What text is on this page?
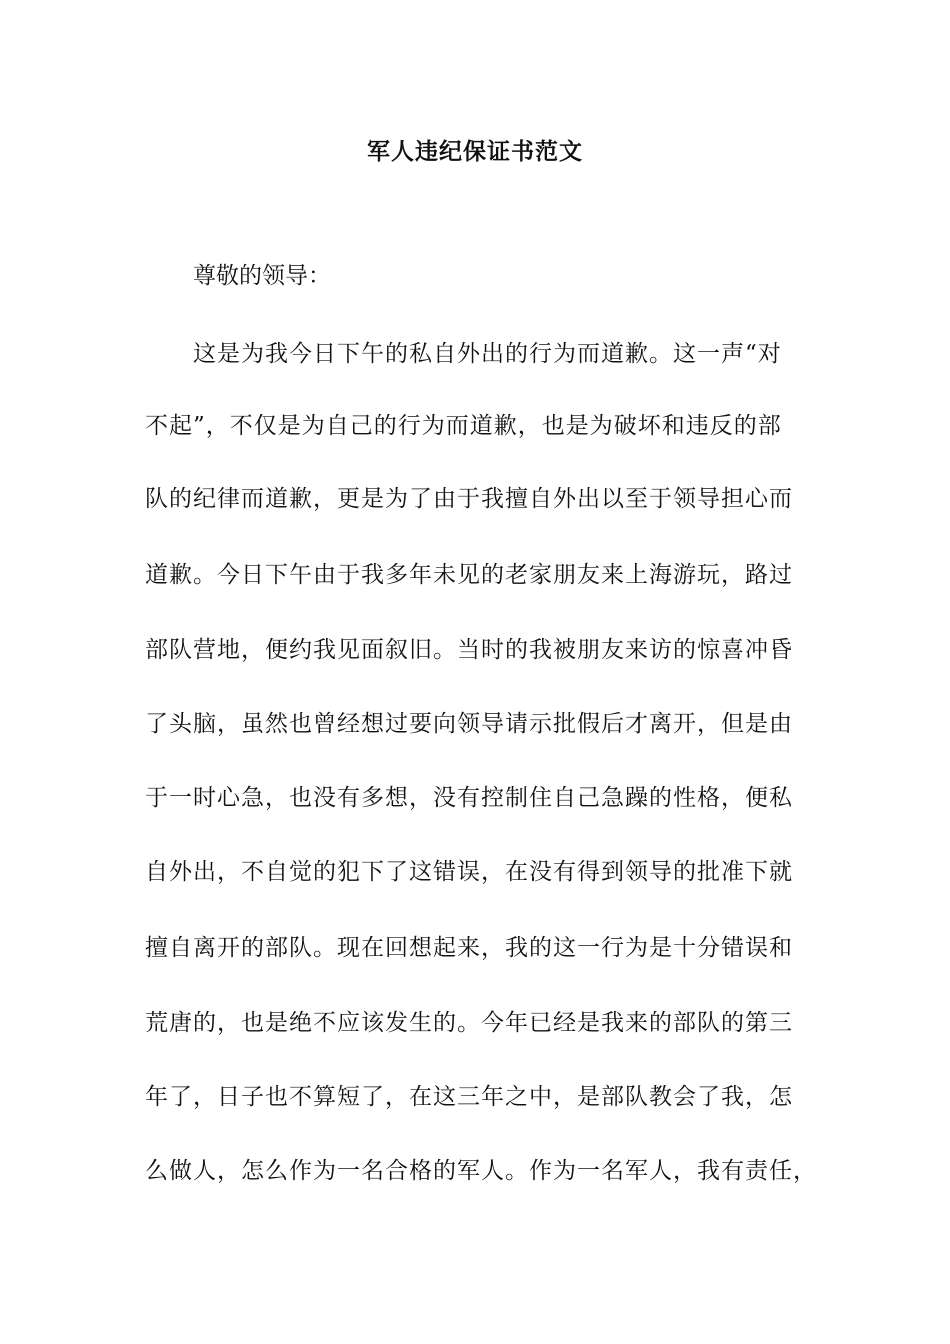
军人违纪保证书范文
尊敬的领导：
这是为我今日下午的私自外出的行为而道歉。这一声“对
不起”，不仅是为自己的行为而道歉，也是为破坏和违反的部
队的纪律而道歉，更是为了由于我擅自外出以至于领导担心而
道歉。今日下午由于我多年未见的老家朋友来上海游玩，路过
部队营地，便约我见面叙旧。当时的我被朋友来访的惊喜冲昏
了头脑，虽然也曾经想过要向领导请示批假后才离开，但是由
于一时心急，也没有多想，没有控制住自己急躁的性格，便私
自外出，不自觉的犯下了这错误，在没有得到领导的批准下就
擅自离开的部队。现在回想起来，我的这一行为是十分错误和
荒唐的，也是绝不应该发生的。今年已经是我来的部队的第三
年了，日子也不算短了，在这三年之中，是部队教会了我，怎
么做人，怎么作为一名合格的军人。作为一名军人，我有责任，
